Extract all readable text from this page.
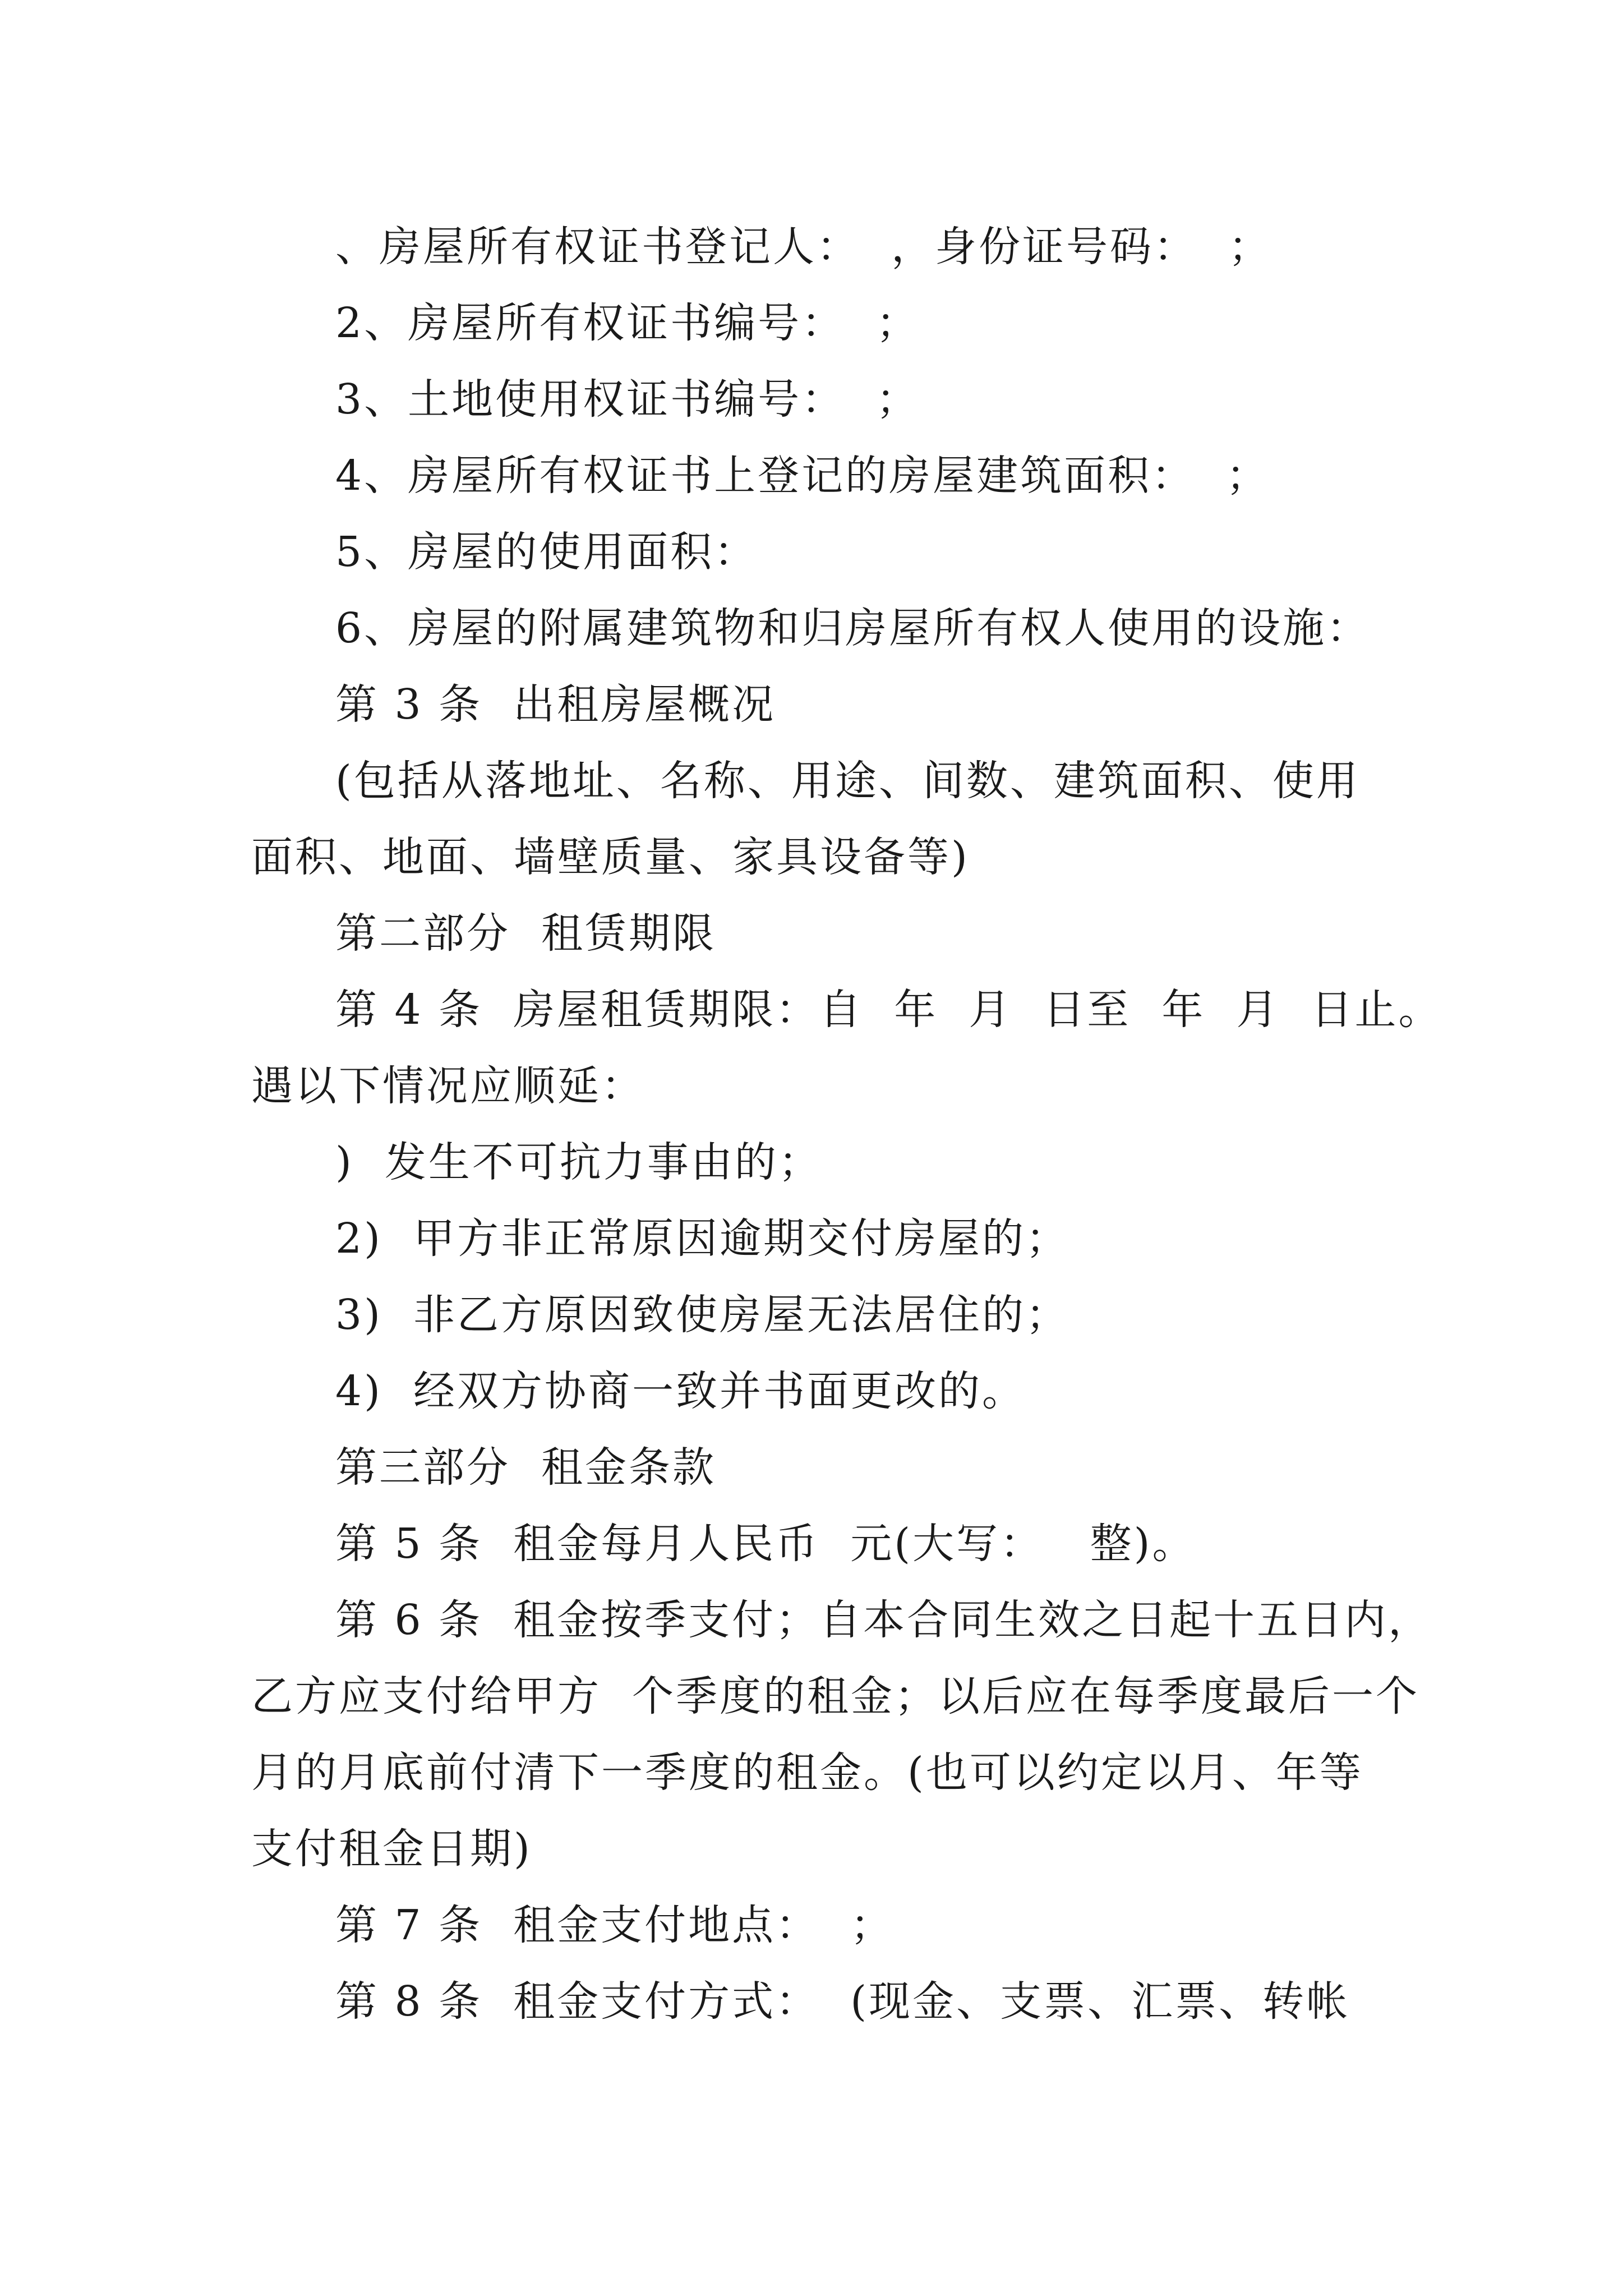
、房屋所有权证书登记人：  ，身份证号码：  ；

2、房屋所有权证书编号：  ；

3、土地使用权证书编号：  ；

4、房屋所有权证书上登记的房屋建筑面积：  ；

5、房屋的使用面积：

6、房屋的附属建筑物和归房屋所有权人使用的设施：

第 3 条  出租房屋概况

(包括从落地址、名称、用途、间数、建筑面积、使用

面积、地面、墙壁质量、家具设备等)

第二部分  租赁期限

第 4 条  房屋租赁期限：自  年  月  日至  年  月  日止。

遇以下情况应顺延：

)  发生不可抗力事由的；

2)  甲方非正常原因逾期交付房屋的；

3)  非乙方原因致使房屋无法居住的；

4)  经双方协商一致并书面更改的。

第三部分  租金条款

第 5 条  租金每月人民币  元(大写：   整)。

第 6 条  租金按季支付；自本合同生效之日起十五日内，

乙方应支付给甲方  个季度的租金；以后应在每季度最后一个

月的月底前付清下一季度的租金。(也可以约定以月、年等

支付租金日期)

第 7 条  租金支付地点：  ；

第 8 条  租金支付方式：  (现金、支票、汇票、转帐
